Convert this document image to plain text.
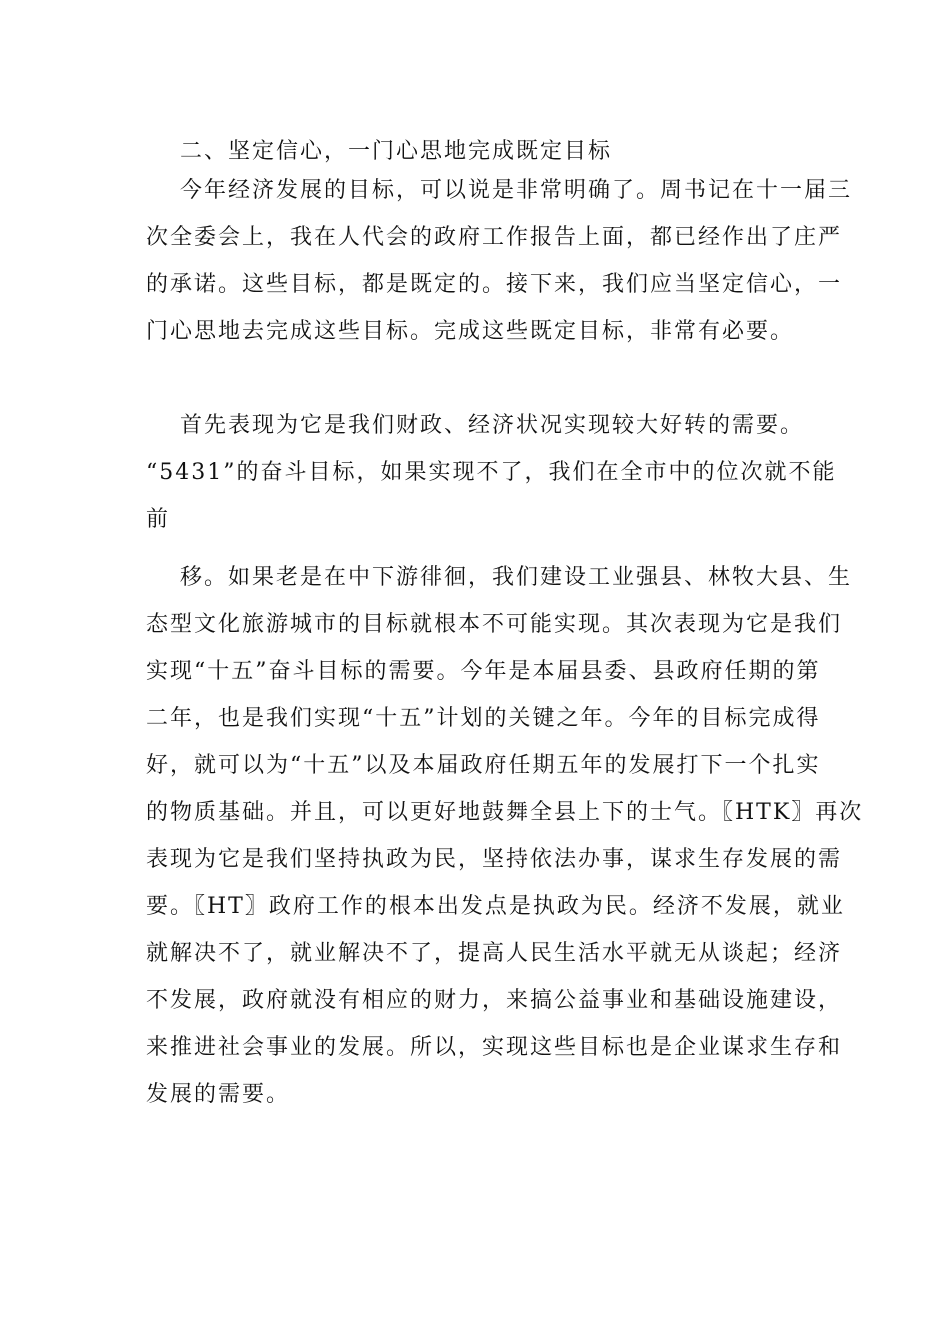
二、坚定信心，一门心思地完成既定目标
今年经济发展的目标，可以说是非常明确了。周书记在十一届三
次全委会上，我在人代会的政府工作报告上面，都已经作出了庄严
的承诺。这些目标，都是既定的。接下来，我们应当坚定信心，一
门心思地去完成这些目标。完成这些既定目标，非常有必要。
首先表现为它是我们财政、经济状况实现较大好转的需要。
“5431”的奋斗目标，如果实现不了，我们在全市中的位次就不能
前
移。如果老是在中下游徘徊，我们建设工业强县、林牧大县、生
态型文化旅游城市的目标就根本不可能实现。其次表现为它是我们
实现“十五”奋斗目标的需要。今年是本届县委、县政府任期的第
二年，也是我们实现“十五”计划的关键之年。今年的目标完成得
好，就可以为“十五”以及本届政府任期五年的发展打下一个扎实
的物质基础。并且，可以更好地鼓舞全县上下的士气。〖HTK〗再次
表现为它是我们坚持执政为民，坚持依法办事，谋求生存发展的需
要。〖HT〗政府工作的根本出发点是执政为民。经济不发展，就业
就解决不了，就业解决不了，提高人民生活水平就无从谈起；经济
不发展，政府就没有相应的财力，来搞公益事业和基础设施建设，
来推进社会事业的发展。所以，实现这些目标也是企业谋求生存和
发展的需要。
